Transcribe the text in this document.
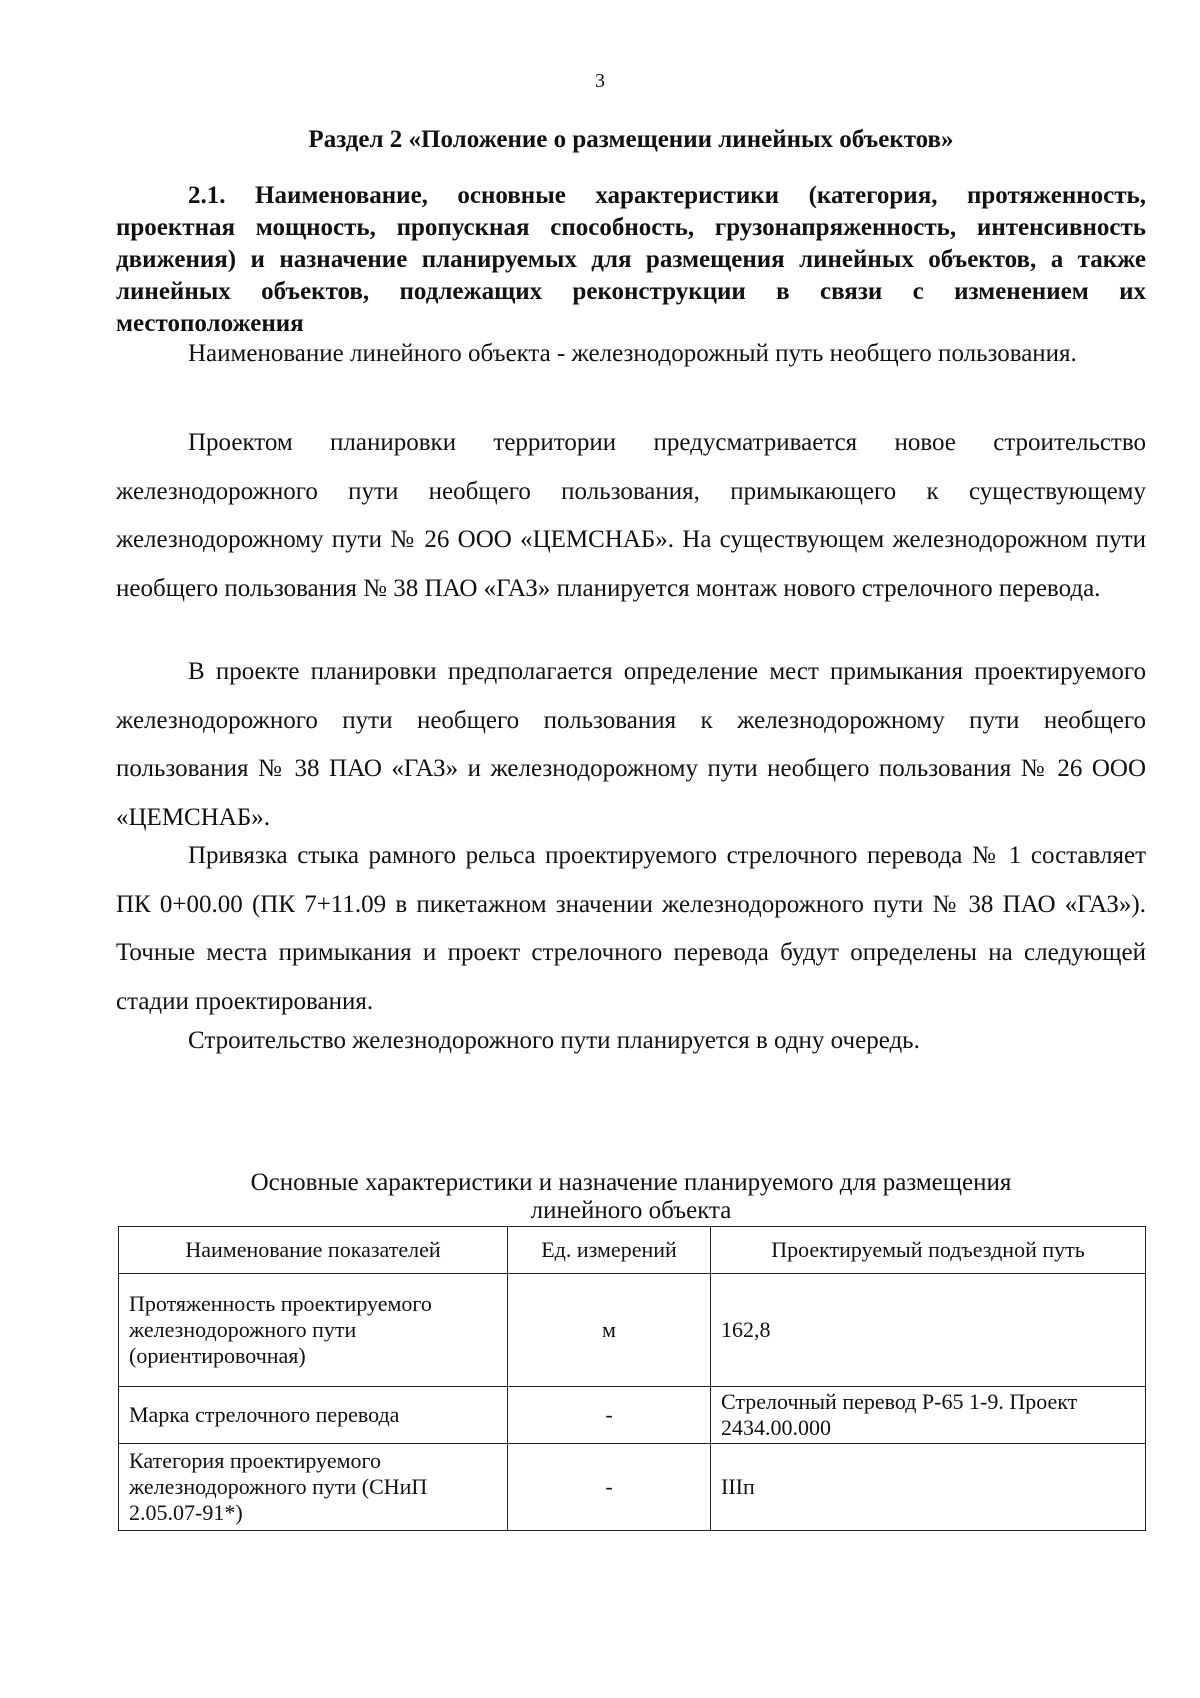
3
Раздел 2 «Положение о размещении линейных объектов»
2.1. Наименование, основные характеристики (категория, протяженность, проектная мощность, пропускная способность, грузонапряженность, интенсивность движения) и назначение планируемых для размещения линейных объектов, а также линейных объектов, подлежащих реконструкции в связи с изменением их местоположения

Наименование линейного объекта - железнодорожный путь необщего пользования.

Проектом планировки территории предусматривается новое строительство железнодорожного пути необщего пользования, примыкающего к существующему железнодорожному пути № 26 ООО «ЦЕМСНАБ». На существующем железнодорожном пути необщего пользования № 38 ПАО «ГАЗ» планируется монтаж нового стрелочного перевода.

В проекте планировки предполагается определение мест примыкания проектируемого железнодорожного пути необщего пользования к железнодорожному пути необщего пользования № 38 ПАО «ГАЗ» и железнодорожному пути необщего пользования № 26 ООО «ЦЕМСНАБ».

Привязка стыка рамного рельса проектируемого стрелочного перевода № 1 составляет ПК 0+00.00 (ПК 7+11.09 в пикетажном значении железнодорожного пути № 38 ПАО «ГАЗ»). Точные места примыкания и проект стрелочного перевода будут определены на следующей стадии проектирования.

Строительство железнодорожного пути планируется в одну очередь.

Основные характеристики и назначение планируемого для размещения
линейного объекта
Наименование показателей	Ед. измерений	Проектируемый подъездной путь
Протяженность проектируемого железнодорожного пути (ориентировочная)	м	162,8
Марка стрелочного перевода	-	Стрелочный перевод Р-65 1-9. Проект 2434.00.000
Категория проектируемого железнодорожного пути (СНиП 2.05.07-91*)	-	IIIп
